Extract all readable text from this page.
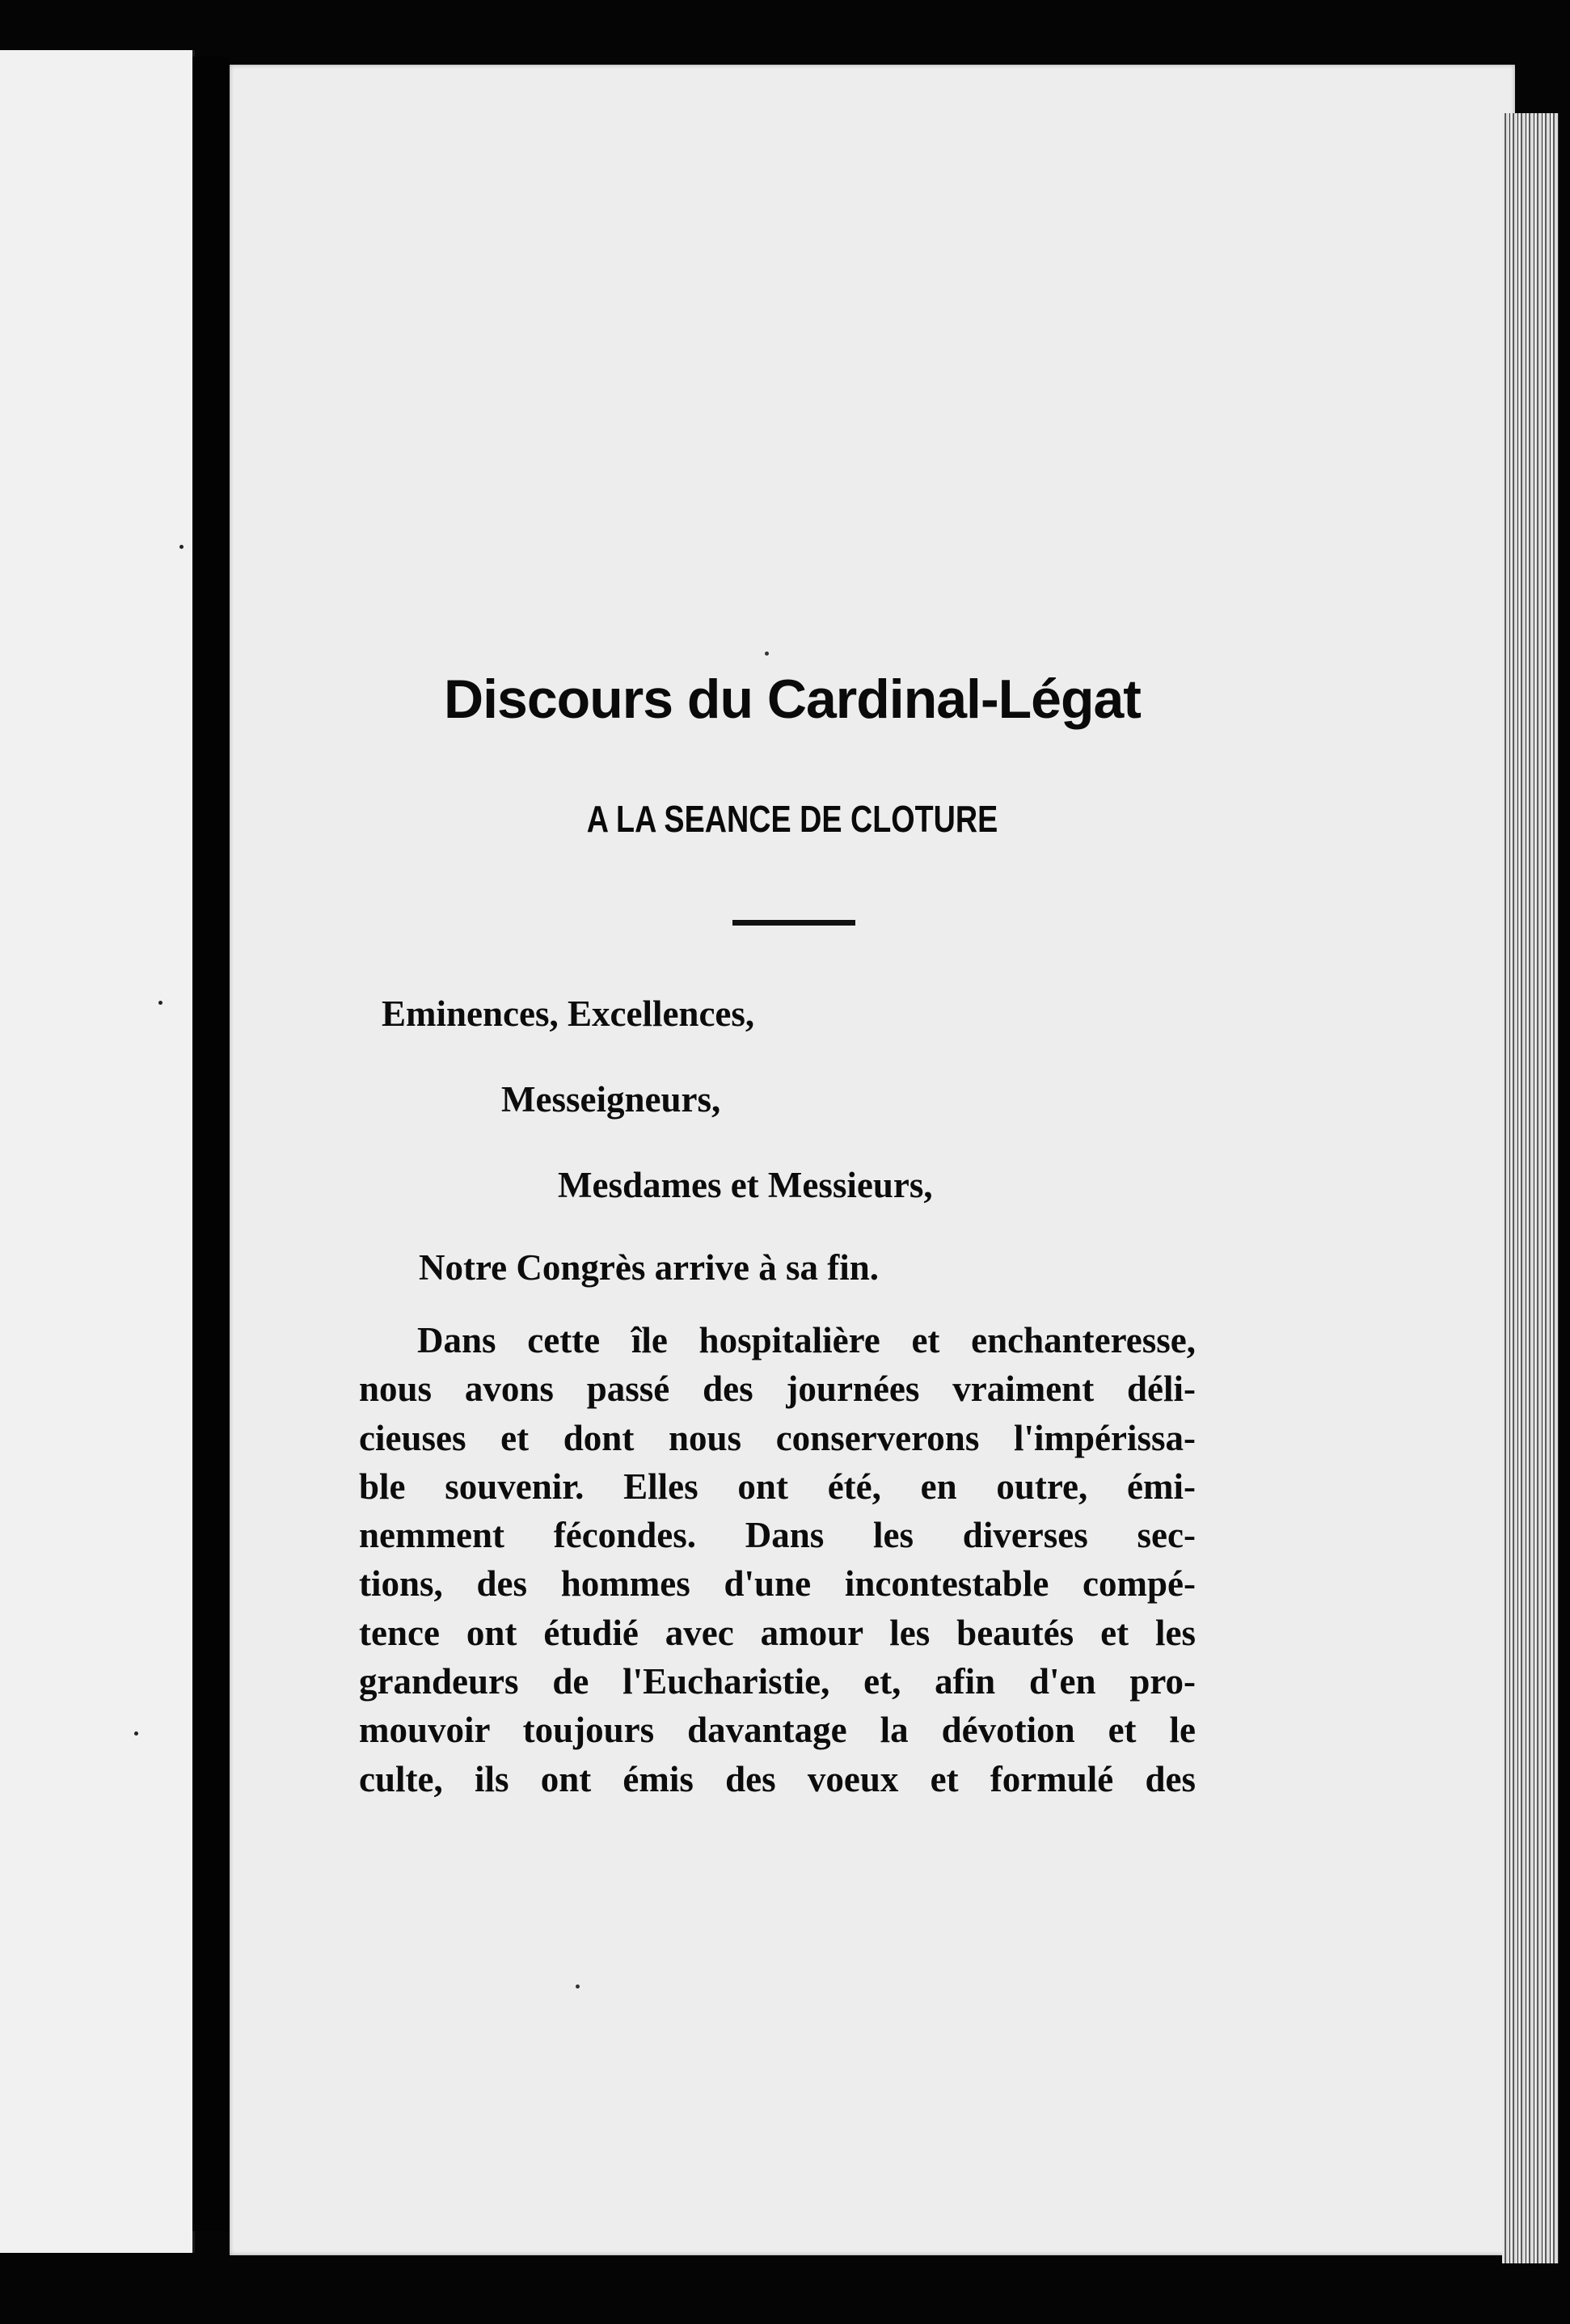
Discours du Cardinal-Légat
A LA SEANCE DE CLOTURE
Eminences, Excellences,
Messeigneurs,
Mesdames et Messieurs,
Notre Congrès arrive à sa fin.
Dans cette île hospitalière et enchanteresse,
nous avons passé des journées vraiment déli-
cieuses et dont nous conserverons l'impérissa-
ble souvenir. Elles ont été, en outre, émi-
nemment fécondes. Dans les diverses sec-
tions, des hommes d'une incontestable compé-
tence ont étudié avec amour les beautés et les
grandeurs de l'Eucharistie, et, afin d'en pro-
mouvoir toujours davantage la dévotion et le
culte, ils ont émis des voeux et formulé des
